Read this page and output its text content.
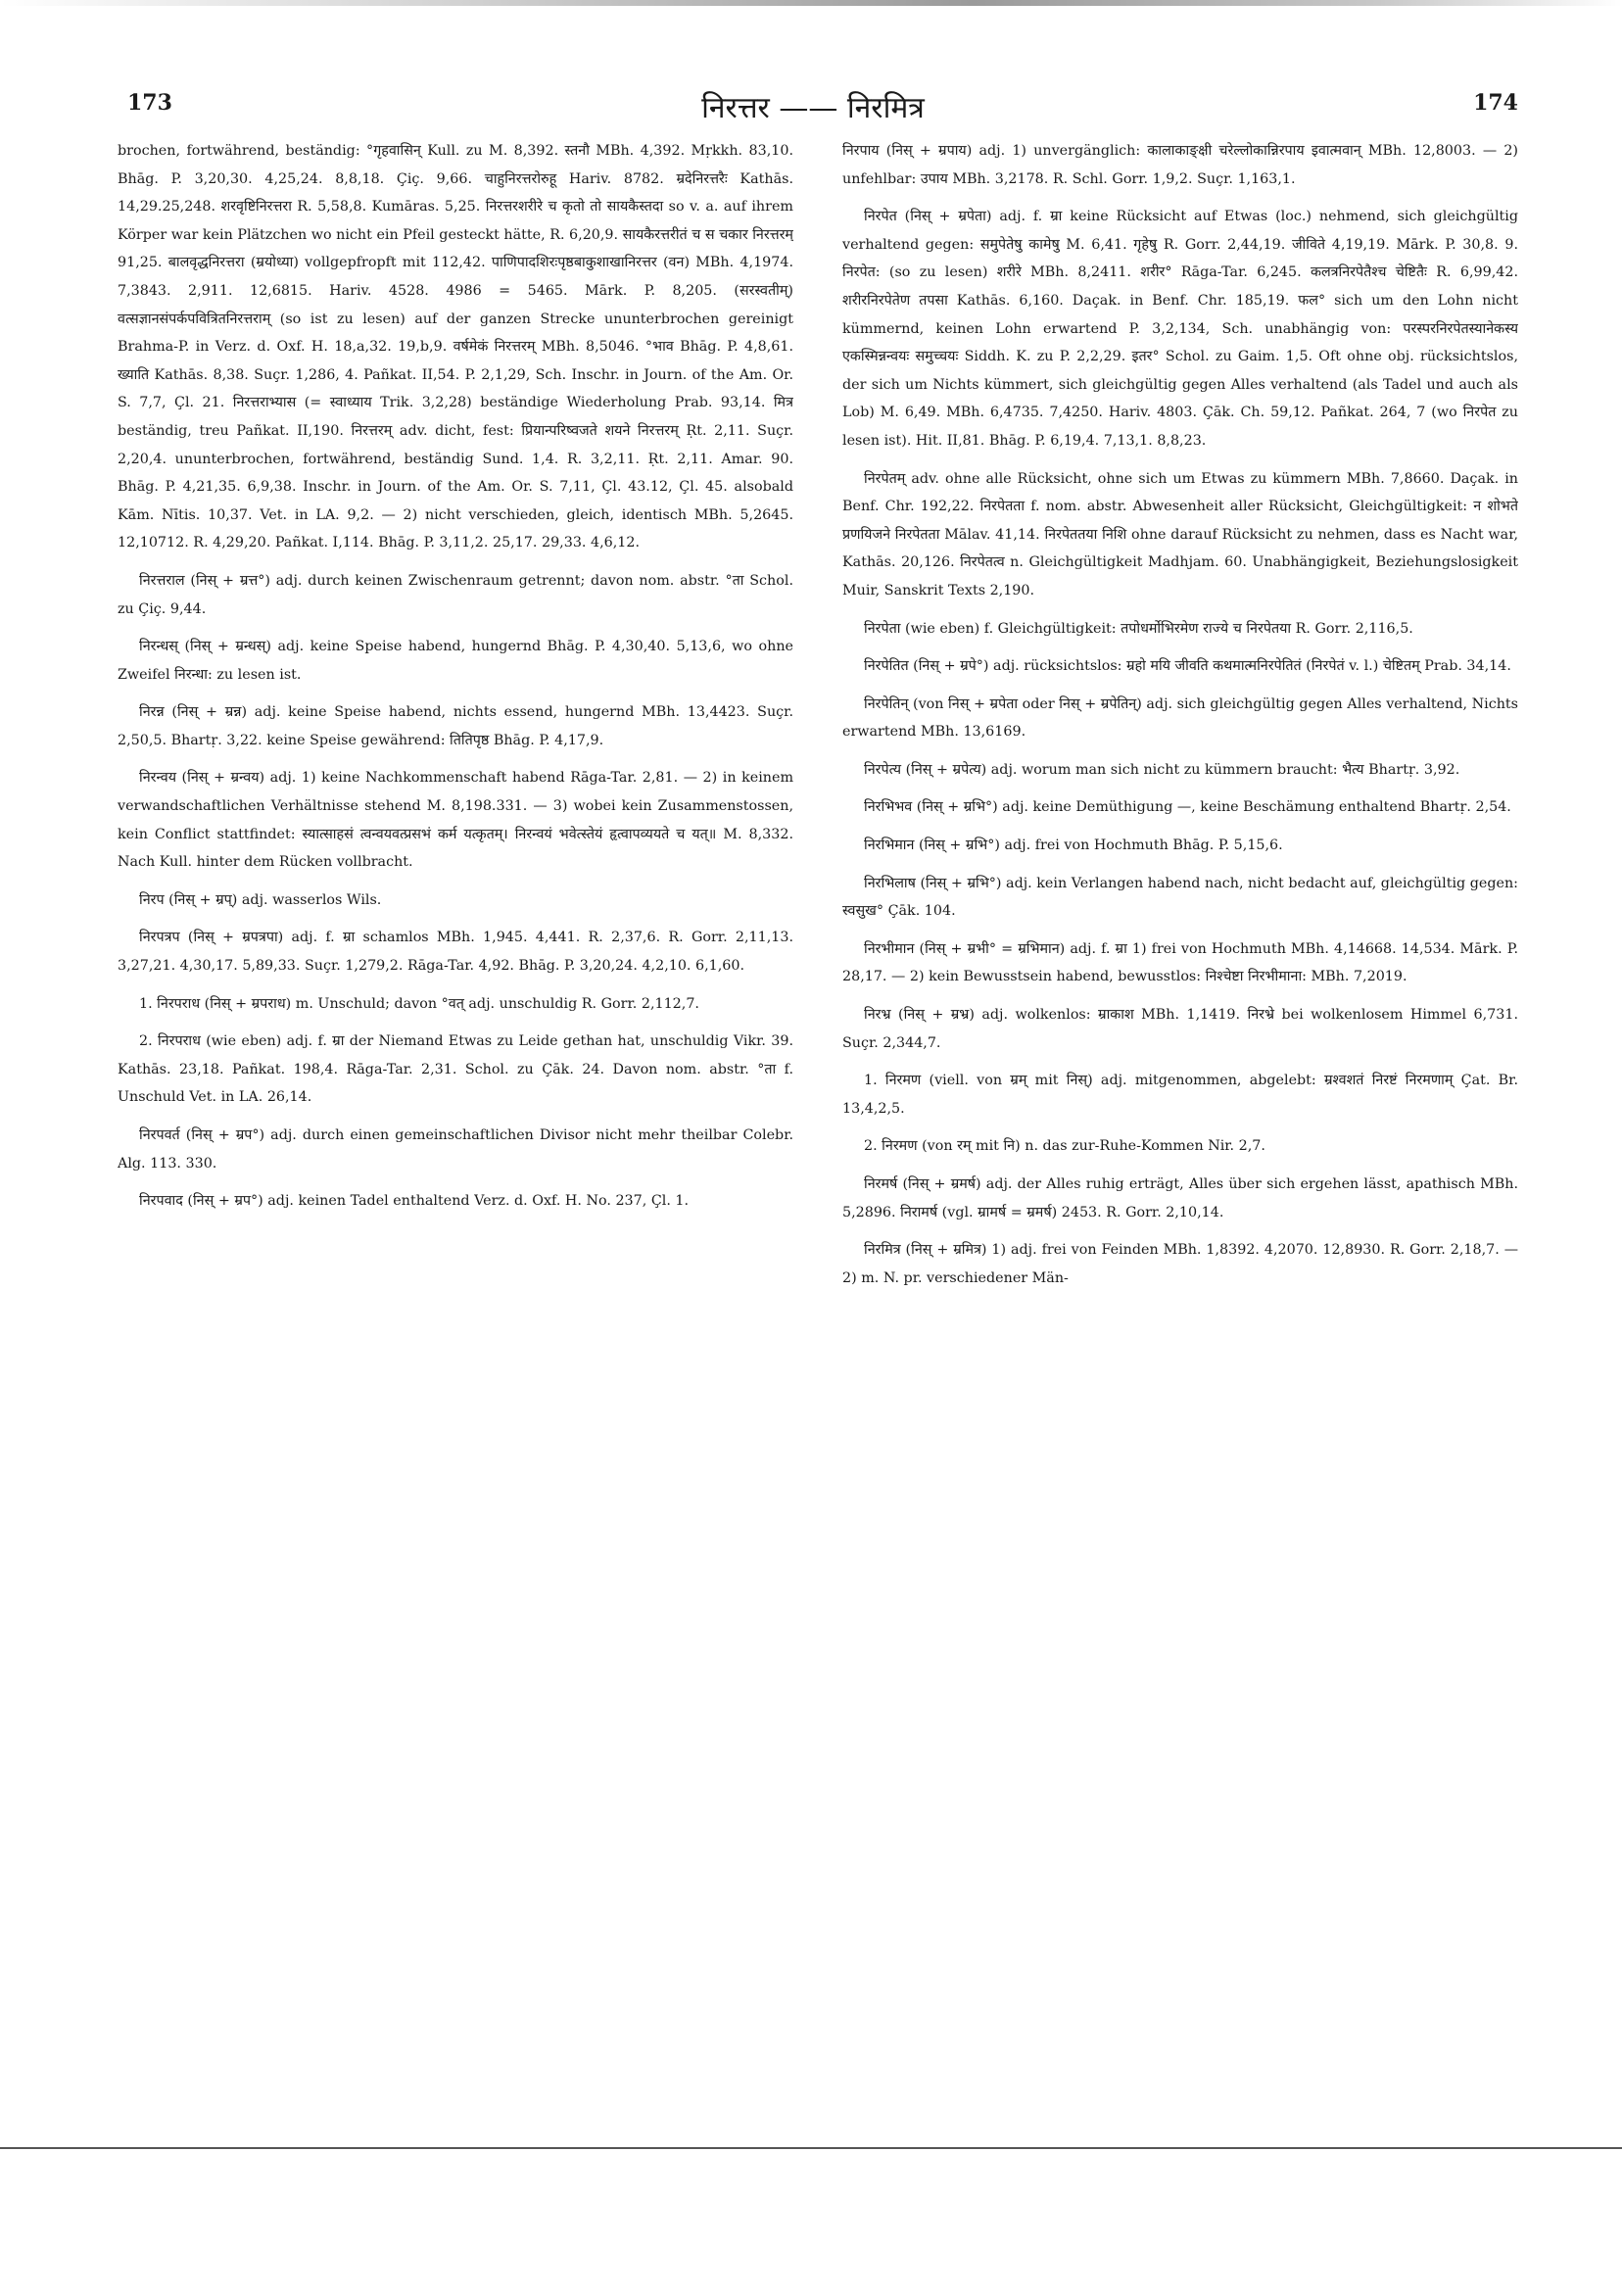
173	निरत्तर —— निरमित्र	174

brochen, fortwährend, beständig: °गृहवासिन् Kull. zu M. 8,392. स्तनौ MBh. 4,392. Mṛkkh. 83,10. Bhāg. P. 3,20,30. 4,25,24. 8,8,18. Çiç. 9,66. चाहुनिरत्तरोरुहू Hariv. 8782. म्रदेनिरत्तरैः Kathās. 14,29.25,248. शरवृष्टिनिरत्तरा R. 5,58,8. Kumāras. 5,25. निरत्तरशरीरे च कृतो तो सायकैस्तदा so v. a. auf ihrem Körper war kein Plätzchen wo nicht ein Pfeil gesteckt hätte, R. 6,20,9. सायकैरत्तरीतं च स चकार निरत्तरम् 91,25. बालवृद्धनिरत्तरा (म्रयोध्या) vollgepfropft mit 112,42. पाणिपादशिरःपृष्ठबाकुशाखानिरत्तर (वन) MBh. 4,1974. 7,3843. 2,911. 12,6815. Hariv. 4528. 4986 = 5465. Mārk. P. 8,205. (सरस्वतीम्) वत्सज्ञानसंपर्कपवित्रितनिरत्तराम् (so ist zu lesen) auf der ganzen Strecke ununterbrochen gereinigt Brahma-P. in Verz. d. Oxf. H. 18,a,32. 19,b,9. वर्षमेकं निरत्तरम् MBh. 8,5046. °भाव Bhāg. P. 4,8,61. ख्याति Kathās. 8,38. Suçr. 1,286, 4. Pañkat. II,54. P. 2,1,29, Sch. Inschr. in Journ. of the Am. Or. S. 7,7, Çl. 21. निरत्तराभ्यास (= स्वाध्याय Trik. 3,2,28) beständige Wiederholung Prab. 93,14. मित्र beständig, treu Pañkat. II,190. निरत्तरम् adv. dicht, fest: प्रियान्परिष्वजते शयने निरत्तरम् Ṛt. 2,11. Suçr. 2,20,4. ununterbrochen, fortwährend, beständig Sund. 1,4. R. 3,2,11. Ṛt. 2,11. Amar. 90. Bhāg. P. 4,21,35. 6,9,38. Inschr. in Journ. of the Am. Or. S. 7,11, Çl. 43.12, Çl. 45. alsobald Kām. Nītis. 10,37. Vet. in LA. 9,2. — 2) nicht verschieden, gleich, identisch MBh. 5,2645. 12,10712. R. 4,29,20. Pañkat. I,114. Bhāg. P. 3,11,2. 25,17. 29,33. 4,6,12.

निरत्तराल (निस् + म्रत्त°) adj. durch keinen Zwischenraum getrennt; davon nom. abstr. °ता Schol. zu Çiç. 9,44.

निरन्धस् (निस् + म्रन्धस्) adj. keine Speise habend, hungernd Bhāg. P. 4,30,40. 5,13,6, wo ohne Zweifel निरन्धा: zu lesen ist.

निरन्न (निस् + म्रन्न) adj. keine Speise habend, nichts essend, hungernd MBh. 13,4423. Suçr. 2,50,5. Bhartṛ. 3,22. keine Speise gewährend: तितिपृष्ठ Bhāg. P. 4,17,9.

निरन्वय (निस् + म्रन्वय) adj. 1) keine Nachkommenschaft habend Rāga-Tar. 2,81. — 2) in keinem verwandschaftlichen Verhältnisse stehend M. 8,198.331. — 3) wobei kein Zusammenstossen, kein Conflict stattfindet: स्यात्साहसं त्वन्वयवत्प्रसभं कर्म यत्कृतम्। निरन्वयं भवेत्स्तेयं हृत्वापव्ययते च यत्॥ M. 8,332. Nach Kull. hinter dem Rücken vollbracht.

निरप (निस् + म्रप्) adj. wasserlos Wils.

निरपत्रप (निस् + म्रपत्रपा) adj. f. म्रा schamlos MBh. 1,945. 4,441. R. 2,37,6. R. Gorr. 2,11,13. 3,27,21. 4,30,17. 5,89,33. Suçr. 1,279,2. Rāga-Tar. 4,92. Bhāg. P. 3,20,24. 4,2,10. 6,1,60.

1. निरपराध (निस् + म्रपराध) m. Unschuld; davon °वत् adj. unschuldig R. Gorr. 2,112,7.

2. निरपराध (wie eben) adj. f. म्रा der Niemand Etwas zu Leide gethan hat, unschuldig Vikr. 39. Kathās. 23,18. Pañkat. 198,4. Rāga-Tar. 2,31. Schol. zu Çāk. 24. Davon nom. abstr. °ता f. Unschuld Vet. in LA. 26,14.

निरपवर्त (निस् + म्रप°) adj. durch einen gemeinschaftlichen Divisor nicht mehr theilbar Colebr. Alg. 113. 330.

निरपवाद (निस् + म्रप°) adj. keinen Tadel enthaltend Verz. d. Oxf. H. No. 237, Çl. 1.

निरपाय (निस् + म्रपाय) adj. 1) unvergänglich: कालाकाङ्क्षी चरेल्लोकान्निरपाय इवात्मवान् MBh. 12,8003. — 2) unfehlbar: उपाय MBh. 3,2178. R. Schl. Gorr. 1,9,2. Suçr. 1,163,1.

निरपेत (निस् + म्रपेता) adj. f. म्रा keine Rücksicht auf Etwas (loc.) nehmend, sich gleichgültig verhaltend gegen: समुपेतेषु कामेषु M. 6,41. गृहेषु R. Gorr. 2,44,19. जीविते 4,19,19. Mārk. P. 30,8. 9. निरपेत: (so zu lesen) शरीरे MBh. 8,2411. शरीर° Rāga-Tar. 6,245. कलत्रनिरपेतैश्च चेष्टितैः R. 6,99,42. शरीरनिरपेतेण तपसा Kathās. 6,160. Daçak. in Benf. Chr. 185,19. फल° sich um den Lohn nicht kümmernd, keinen Lohn erwartend P. 3,2,134, Sch. unabhängig von: परस्परनिरपेतस्यानेकस्य एकस्मिन्नन्वयः समुच्चयः Siddh. K. zu P. 2,2,29. इतर° Schol. zu Gaim. 1,5. Oft ohne obj. rücksichtslos, der sich um Nichts kümmert, sich gleichgültig gegen Alles verhaltend (als Tadel und auch als Lob) M. 6,49. MBh. 6,4735. 7,4250. Hariv. 4803. Çāk. Ch. 59,12. Pañkat. 264, 7 (wo निरपेत zu lesen ist). Hit. II,81. Bhāg. P. 6,19,4. 7,13,1. 8,8,23.

निरपेतम् adv. ohne alle Rücksicht, ohne sich um Etwas zu kümmern MBh. 7,8660. Daçak. in Benf. Chr. 192,22. निरपेतता f. nom. abstr. Abwesenheit aller Rücksicht, Gleichgültigkeit: न शोभते प्रणयिजने निरपेतता Mālav. 41,14. निरपेततया निशि ohne darauf Rücksicht zu nehmen, dass es Nacht war, Kathās. 20,126. निरपेतत्व n. Gleichgültigkeit Madhjam. 60. Unabhängigkeit, Beziehungslosigkeit Muir, Sanskrit Texts 2,190.

निरपेता (wie eben) f. Gleichgültigkeit: तपोधर्मोभिरमेण राज्ये च निरपेतया R. Gorr. 2,116,5.

निरपेतित (निस् + म्रपे°) adj. rücksichtslos: म्रहो मयि जीवति कथमात्मनिरपेतितं (निरपेतं v. l.) चेष्टितम् Prab. 34,14.

निरपेतिन् (von निस् + म्रपेता oder निस् + म्रपेतिन्) adj. sich gleichgültig gegen Alles verhaltend, Nichts erwartend MBh. 13,6169.

निरपेत्य (निस् + म्रपेत्य) adj. worum man sich nicht zu kümmern braucht: भैत्य Bhartṛ. 3,92.

निरभिभव (निस् + म्रभि°) adj. keine Demüthigung —, keine Beschämung enthaltend Bhartṛ. 2,54.

निरभिमान (निस् + म्रभि°) adj. frei von Hochmuth Bhāg. P. 5,15,6.

निरभिलाष (निस् + म्रभि°) adj. kein Verlangen habend nach, nicht bedacht auf, gleichgültig gegen: स्वसुख° Çāk. 104.

निरभीमान (निस् + म्रभी° = म्रभिमान) adj. f. म्रा 1) frei von Hochmuth MBh. 4,14668. 14,534. Mārk. P. 28,17. — 2) kein Bewusstsein habend, bewusstlos: निश्चेष्टा निरभीमाना: MBh. 7,2019.

निरभ्र (निस् + म्रभ्र) adj. wolkenlos: म्राकाश MBh. 1,1419. निरभ्रे bei wolkenlosem Himmel 6,731. Suçr. 2,344,7.

1. निरमण (viell. von म्रम् mit निस्) adj. mitgenommen, abgelebt: म्रश्वशतं निरष्टं निरमणाम् Çat. Br. 13,4,2,5.

2. निरमण (von रम् mit नि) n. das zur-Ruhe-Kommen Nir. 2,7.

निरमर्ष (निस् + म्रमर्ष) adj. der Alles ruhig erträgt, Alles über sich ergehen lässt, apathisch MBh. 5,2896. निरामर्ष (vgl. म्रामर्ष = म्रमर्ष) 2453. R. Gorr. 2,10,14.

निरमित्र (निस् + म्रमित्र) 1) adj. frei von Feinden MBh. 1,8392. 4,2070. 12,8930. R. Gorr. 2,18,7. — 2) m. N. pr. verschiedener Män-
